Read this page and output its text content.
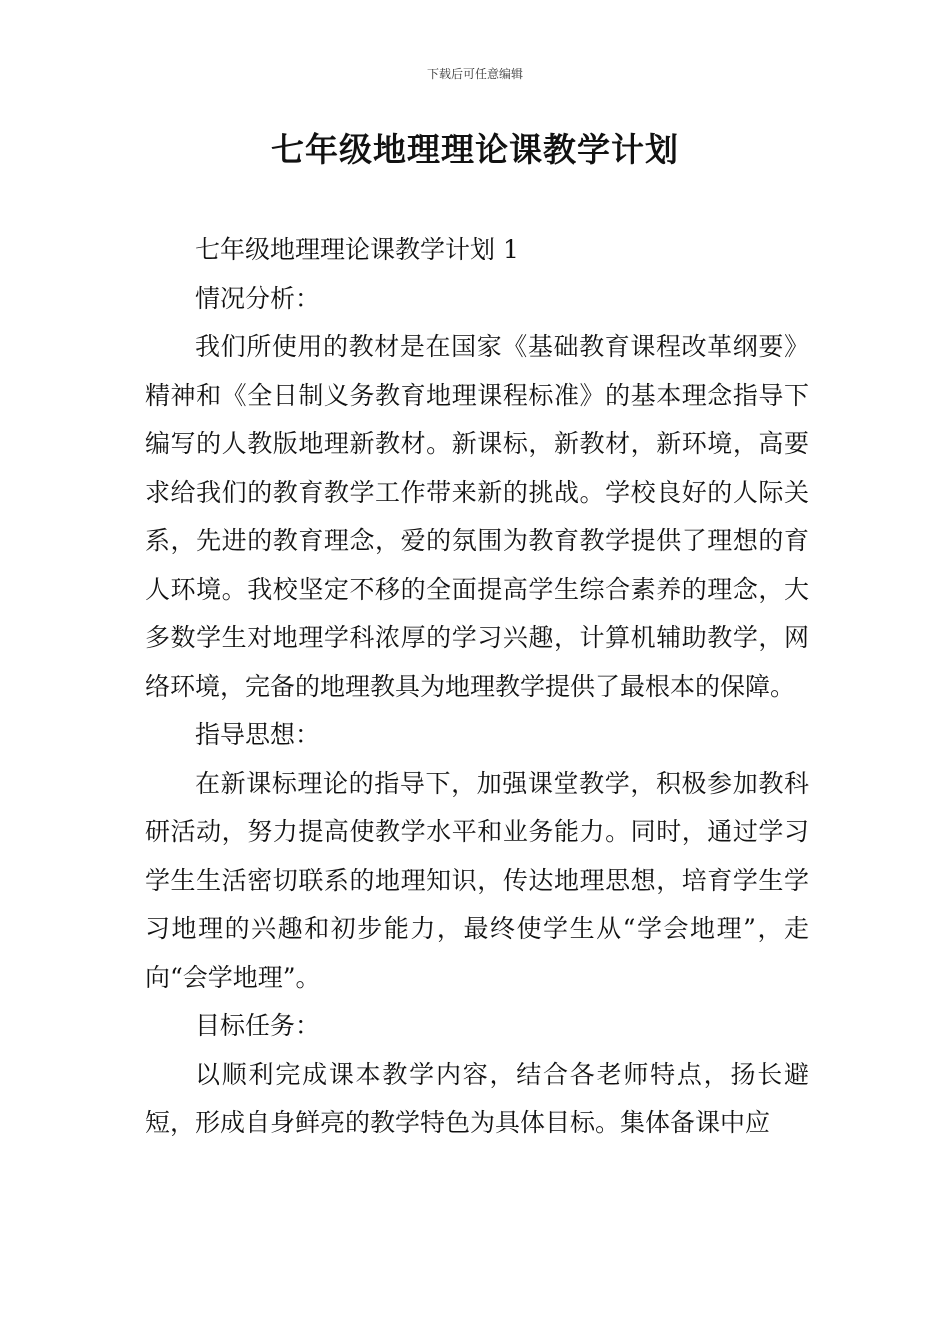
下载后可任意编辑
七年级地理理论课教学计划

七年级地理理论课教学计划 1

情况分析：

我们所使用的教材是在国家《基础教育课程改革纲要》精神和《全日制义务教育地理课程标准》的基本理念指导下编写的人教版地理新教材。新课标，新教材，新环境，高要求给我们的教育教学工作带来新的挑战。学校良好的人际关系，先进的教育理念，爱的氛围为教育教学提供了理想的育人环境。我校坚定不移的全面提高学生综合素养的理念，大多数学生对地理学科浓厚的学习兴趣，计算机辅助教学，网络环境，完备的地理教具为地理教学提供了最根本的保障。

指导思想：

在新课标理论的指导下，加强课堂教学，积极参加教科研活动，努力提高使教学水平和业务能力。同时，通过学习学生生活密切联系的地理知识，传达地理思想，培育学生学习地理的兴趣和初步能力，最终使学生从“学会地理”，走向“会学地理”。

目标任务：

以顺利完成课本教学内容，结合各老师特点，扬长避短，形成自身鲜亮的教学特色为具体目标。集体备课中应
